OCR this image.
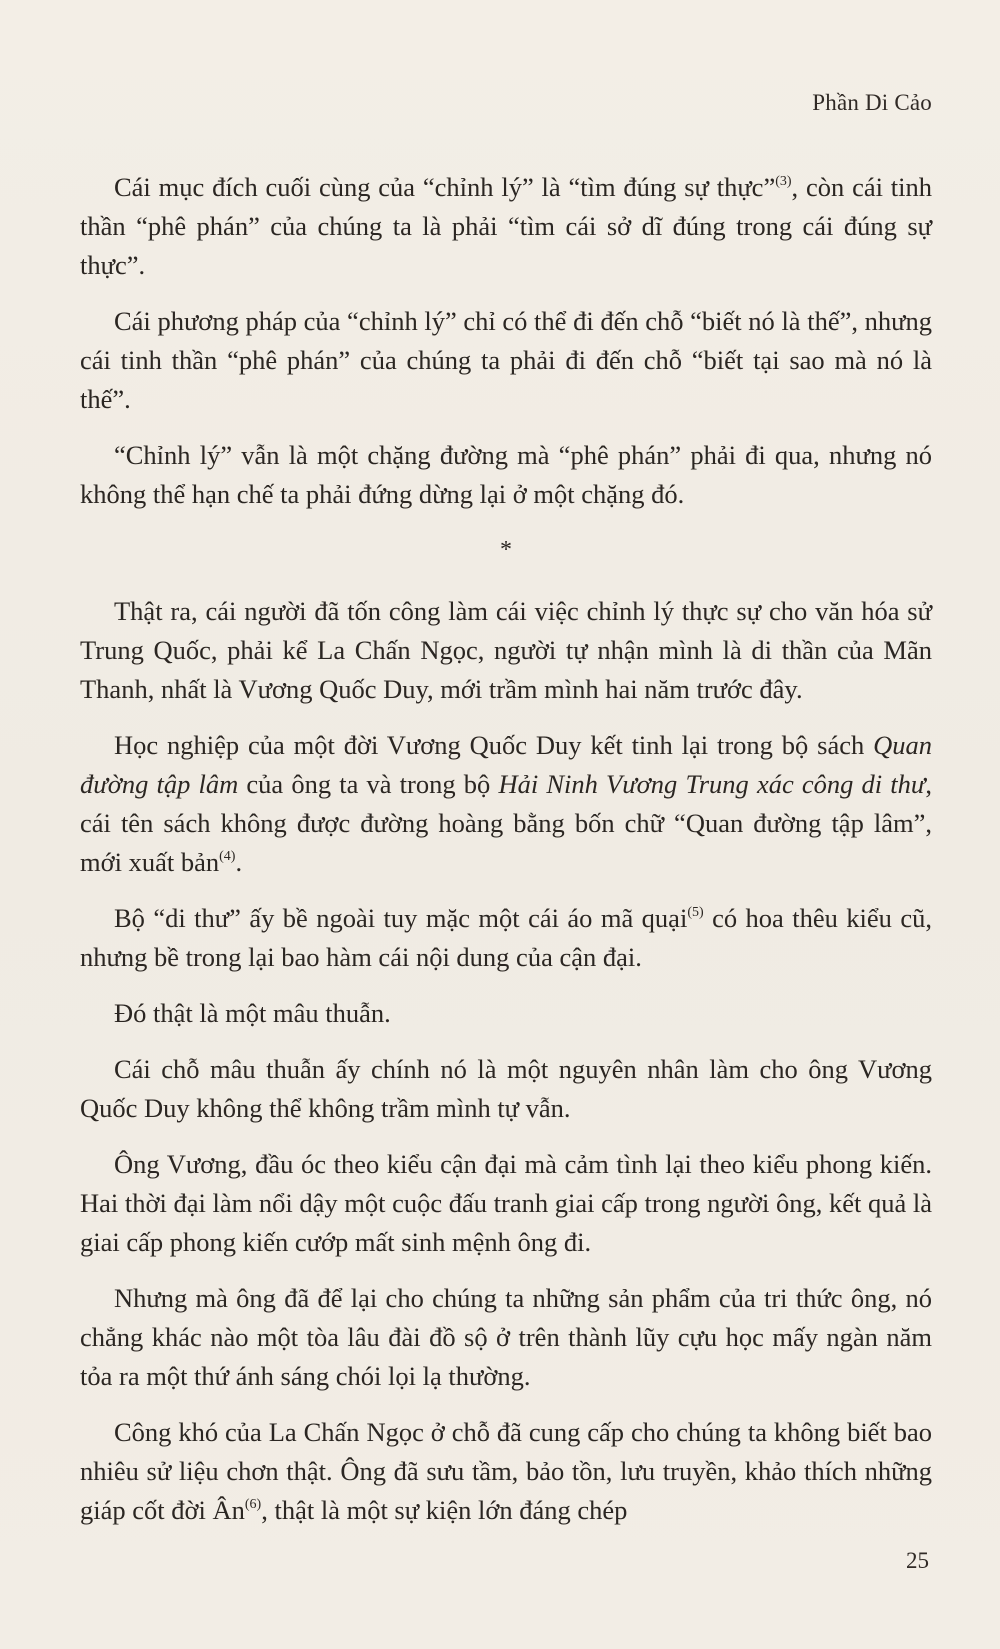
Phần Di Cảo

Cái mục đích cuối cùng của “chỉnh lý” là “tìm đúng sự thực”$^{(3)}$, còn cái tinh thần “phê phán” của chúng ta là phải “tìm cái sở dĩ đúng trong cái đúng sự thực”.

Cái phương pháp của “chỉnh lý” chỉ có thể đi đến chỗ “biết nó là thế”, nhưng cái tinh thần “phê phán” của chúng ta phải đi đến chỗ “biết tại sao mà nó là thế”.

“Chỉnh lý” vẫn là một chặng đường mà “phê phán” phải đi qua, nhưng nó không thể hạn chế ta phải đứng dừng lại ở một chặng đó.

*

Thật ra, cái người đã tốn công làm cái việc chỉnh lý thực sự cho văn hóa sử Trung Quốc, phải kể La Chấn Ngọc, người tự nhận mình là di thần của Mãn Thanh, nhất là Vương Quốc Duy, mới trầm mình hai năm trước đây.

Học nghiệp của một đời Vương Quốc Duy kết tinh lại trong bộ sách Quan đường tập lâm của ông ta và trong bộ Hải Ninh Vương Trung xác công di thư, cái tên sách không được đường hoàng bằng bốn chữ “Quan đường tập lâm”, mới xuất bản$^{(4)}$.

Bộ “di thư” ấy bề ngoài tuy mặc một cái áo mã quại$^{(5)}$ có hoa thêu kiểu cũ, nhưng bề trong lại bao hàm cái nội dung của cận đại.

Đó thật là một mâu thuẫn.

Cái chỗ mâu thuẫn ấy chính nó là một nguyên nhân làm cho ông Vương Quốc Duy không thể không trầm mình tự vẫn.

Ông Vương, đầu óc theo kiểu cận đại mà cảm tình lại theo kiểu phong kiến. Hai thời đại làm nổi dậy một cuộc đấu tranh giai cấp trong người ông, kết quả là giai cấp phong kiến cướp mất sinh mệnh ông đi.

Nhưng mà ông đã để lại cho chúng ta những sản phẩm của tri thức ông, nó chẳng khác nào một tòa lâu đài đồ sộ ở trên thành lũy cựu học mấy ngàn năm tỏa ra một thứ ánh sáng chói lọi lạ thường.

Công khó của La Chấn Ngọc ở chỗ đã cung cấp cho chúng ta không biết bao nhiêu sử liệu chơn thật. Ông đã sưu tầm, bảo tồn, lưu truyền, khảo thích những giáp cốt đời $Ân^{(6)}$, thật là một sự kiện lớn đáng chép

25
